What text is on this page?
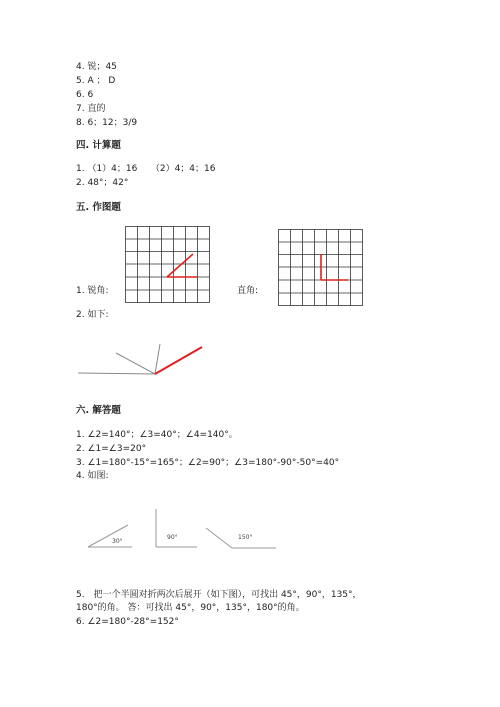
4. 锐；45
5. A ； D
6. 6
7. 直的
8. 6；12；3/9
四. 计算题
1. （1）4；16　　（2）4；4；16
2. 48°；42°
五. 作图题
1. 锐角:	直角:
2. 如下:
六. 解答题
1. ∠2=140°；∠3=40°；∠4=140°。
2. ∠1=∠3=20°
3. ∠1=180°-15°=165°；∠2=90°；∠3=180°-90°-50°=40°
4. 如图:
30°
90°	150°
5.　把一个半圆对折两次后展开（如下图），可找出 45°，90°，135°，
180°的角。 答：可找出 45°，90°，135°，180°的角。
6. ∠2=180°-28°=152°
